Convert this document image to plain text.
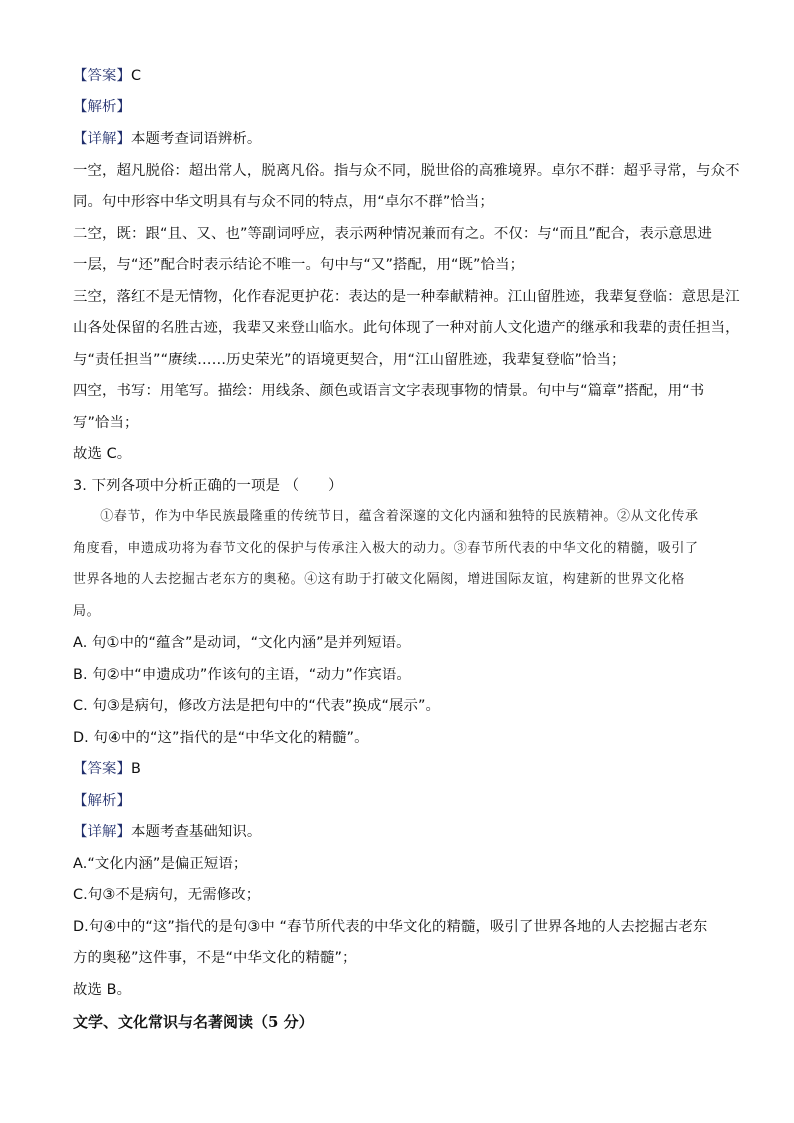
【答案】C
【解析】
【详解】本题考查词语辨析。
一空，超凡脱俗：超出常人，脱离凡俗。指与众不同，脱世俗的高雅境界。卓尔不群：超乎寻常，与众不
同。句中形容中华文明具有与众不同的特点，用“卓尔不群”恰当；
二空，既：跟“且、又、也”等副词呼应，表示两种情况兼而有之。不仅：与“而且”配合，表示意思进
一层，与“还”配合时表示结论不唯一。句中与“又”搭配，用“既”恰当；
三空，落红不是无情物，化作春泥更护花：表达的是一种奉献精神。江山留胜迹，我辈复登临：意思是江
山各处保留的名胜古迹，我辈又来登山临水。此句体现了一种对前人文化遗产的继承和我辈的责任担当，
与“责任担当”“赓续……历史荣光”的语境更契合，用“江山留胜迹，我辈复登临”恰当；
四空，书写：用笔写。描绘：用线条、颜色或语言文字表现事物的情景。句中与“篇章”搭配，用“书
写”恰当；
故选 C。
3. 下列各项中分析正确的一项是 （　　）
　　①春节，作为中华民族最隆重的传统节日，蕴含着深邃的文化内涵和独特的民族精神。②从文化传承
角度看，申遗成功将为春节文化的保护与传承注入极大的动力。③春节所代表的中华文化的精髓，吸引了
世界各地的人去挖掘古老东方的奥秘。④这有助于打破文化隔阂，增进国际友谊，构建新的世界文化格
局。
A. 句①中的“蕴含”是动词，“文化内涵”是并列短语。
B. 句②中“申遗成功”作该句的主语，“动力”作宾语。
C. 句③是病句，修改方法是把句中的“代表”换成“展示”。
D. 句④中的“这”指代的是“中华文化的精髓”。
【答案】B
【解析】
【详解】本题考查基础知识。
A.“文化内涵”是偏正短语；
C.句③不是病句，无需修改；
D.句④中的“这”指代的是句③中 “春节所代表的中华文化的精髓，吸引了世界各地的人去挖掘古老东
方的奥秘”这件事，不是“中华文化的精髓”；
故选 B。
文学、文化常识与名著阅读（5 分）
